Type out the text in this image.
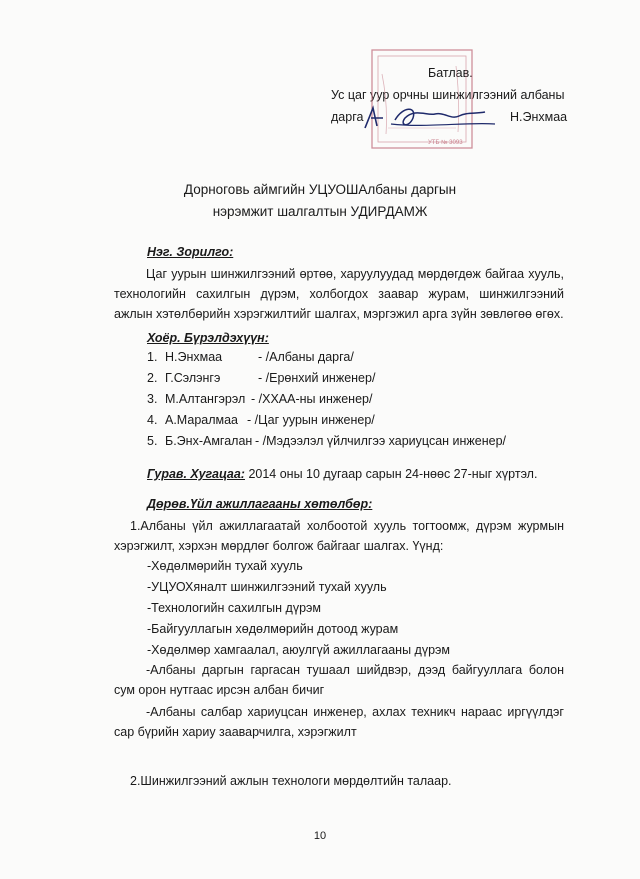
Батлав.
Ус цаг уур орчны шинжилгээний албаны
дарга	Н.Энхмаа
УТБ № 3093
Дорноговь аймгийн УЦУОШАлбаны даргын
нэрэмжит шалгалтын УДИРДАМЖ
Нэг. Зорилго:
Цаг уурын шинжилгээний өртөө, харуулуудад мөрдөгдөж байгаа хууль, технологийн сахилгын дүрэм, холбогдох заавар журам, шинжилгээний ажлын хэтөлбөрийн хэрэгжилтийг шалгах, мэргэжил арга зүйн зөвлөгөө өгөх.
Хоёр. Бүрэлдэхүүн:
1. Н.Энхмаа	- /Албаны дарга/
2. Г.Сэлэнгэ	- /Ерөнхий инженер/
3. М.Алтангэрэл - /ХХАА-ны инженер/
4. А.Маралмаа - /Цаг уурын инженер/
5. Б.Энх-Амгалан - /Мэдээлэл үйлчилгээ хариуцсан инженер/
Гурав. Хугацаа: 2014 оны 10 дугаар сарын 24-нөөс 27-ныг хүртэл.
Дөрөв.Үйл ажиллагааны хөтөлбөр:
1.Албаны үйл ажиллагаатай холбоотой хууль тогтоомж, дүрэм журмын хэрэгжилт, хэрхэн мөрдлөг болгож байгааг шалгах. Үүнд:
-Хөдөлмөрийн тухай хууль
-УЦУОХяналт шинжилгээний тухай хууль
-Технологийн сахилгын дүрэм
-Байгууллагын хөдөлмөрийн дотоод журам
-Хөдөлмөр хамгаалал, аюулгүй ажиллагааны дүрэм
-Албаны даргын гаргасан тушаал шийдвэр, дээд байгууллага болон сум орон нутгаас ирсэн албан бичиг
-Албаны салбар хариуцсан инженер, ахлах техникч нараас иргүүлдэг сар бүрийн хариу зааварчилга, хэрэгжилт
2.Шинжилгээний ажлын технологи мөрдөлтийн талаар.
10
